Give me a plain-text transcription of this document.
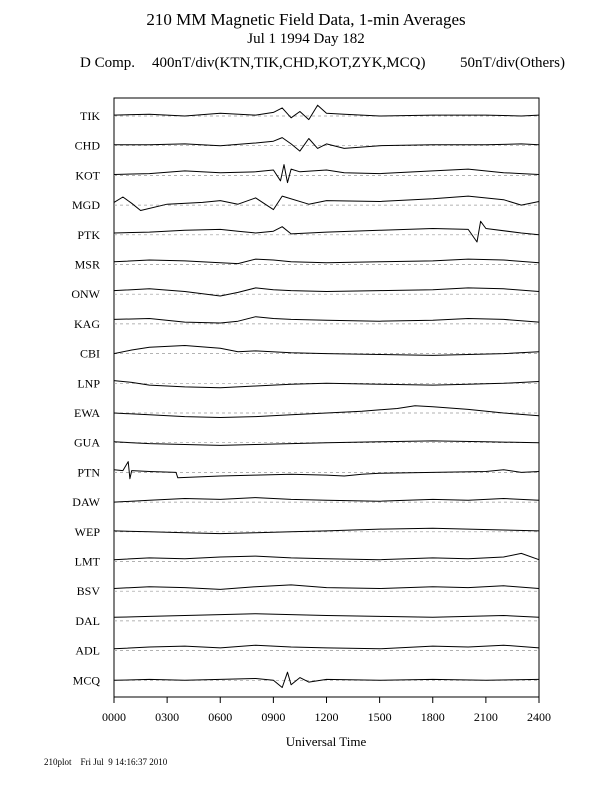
210 MM Magnetic Field Data, 1-min Averages
Jul 1 1994 Day 182
D Comp. 400nT/div(KTN,TIK,CHD,KOT,ZYK,MCQ) 50nT/div(Others)
TIK
CHD
KOT
MGD
PTK
MSR
ONW
KAG
CBI
LNP
EWA
GUA
PTN
DAW
WEP
LMT
BSV
DAL
ADL
MCQ
0000 0300 0600 0900 1200 1500 1800 2100 2400
Universal Time
210plot Fri Jul  9 14:16:37 2010
